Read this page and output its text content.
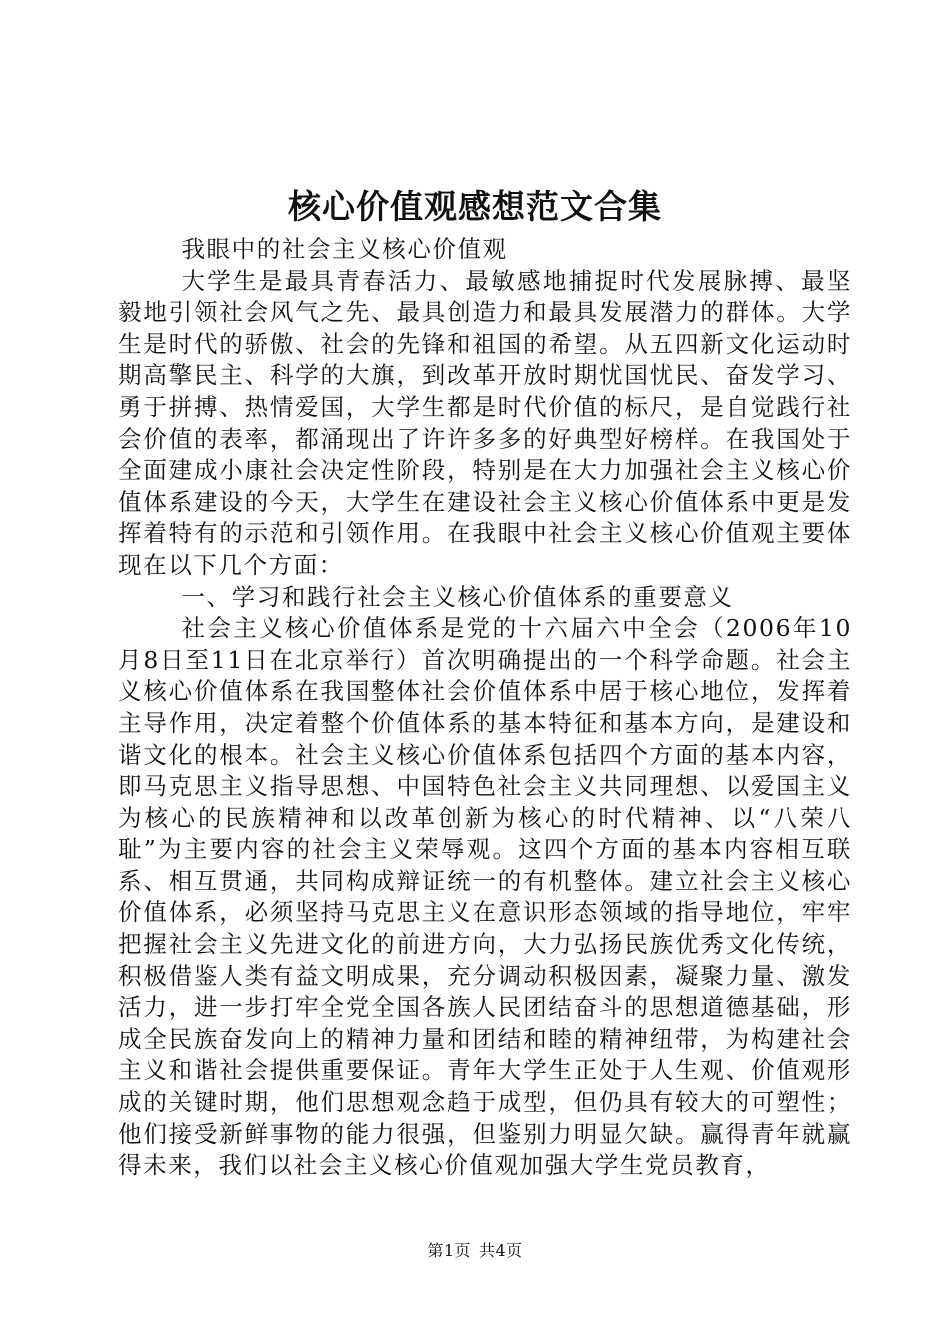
核心价值观感想范文合集

我眼中的社会主义核心价值观

大学生是最具青春活力、最敏感地捕捉时代发展脉搏、最坚毅地引领社会风气之先、最具创造力和最具发展潜力的群体。大学生是时代的骄傲、社会的先锋和祖国的希望。从五四新文化运动时期高擎民主、科学的大旗，到改革开放时期忧国忧民、奋发学习、勇于拼搏、热情爱国，大学生都是时代价值的标尺，是自觉践行社会价值的表率，都涌现出了许许多多的好典型好榜样。在我国处于全面建成小康社会决定性阶段，特别是在大力加强社会主义核心价值体系建设的今天，大学生在建设社会主义核心价值体系中更是发挥着特有的示范和引领作用。在我眼中社会主义核心价值观主要体现在以下几个方面：

一、学习和践行社会主义核心价值体系的重要意义

社会主义核心价值体系是党的十六届六中全会（2006年10月8日至11日在北京举行）首次明确提出的一个科学命题。社会主义核心价值体系在我国整体社会价值体系中居于核心地位，发挥着主导作用，决定着整个价值体系的基本特征和基本方向，是建设和谐文化的根本。社会主义核心价值体系包括四个方面的基本内容，即马克思主义指导思想、中国特色社会主义共同理想、以爱国主义为核心的民族精神和以改革创新为核心的时代精神、以“八荣八耻”为主要内容的社会主义荣辱观。这四个方面的基本内容相互联系、相互贯通，共同构成辩证统一的有机整体。建立社会主义核心价值体系，必须坚持马克思主义在意识形态领域的指导地位，牢牢把握社会主义先进文化的前进方向，大力弘扬民族优秀文化传统，积极借鉴人类有益文明成果，充分调动积极因素，凝聚力量、激发活力，进一步打牢全党全国各族人民团结奋斗的思想道德基础，形成全民族奋发向上的精神力量和团结和睦的精神纽带，为构建社会主义和谐社会提供重要保证。青年大学生正处于人生观、价值观形成的关键时期，他们思想观念趋于成型，但仍具有较大的可塑性；他们接受新鲜事物的能力很强，但鉴别力明显欠缺。赢得青年就赢得未来，我们以社会主义核心价值观加强大学生党员教育，

第1页 共4页
